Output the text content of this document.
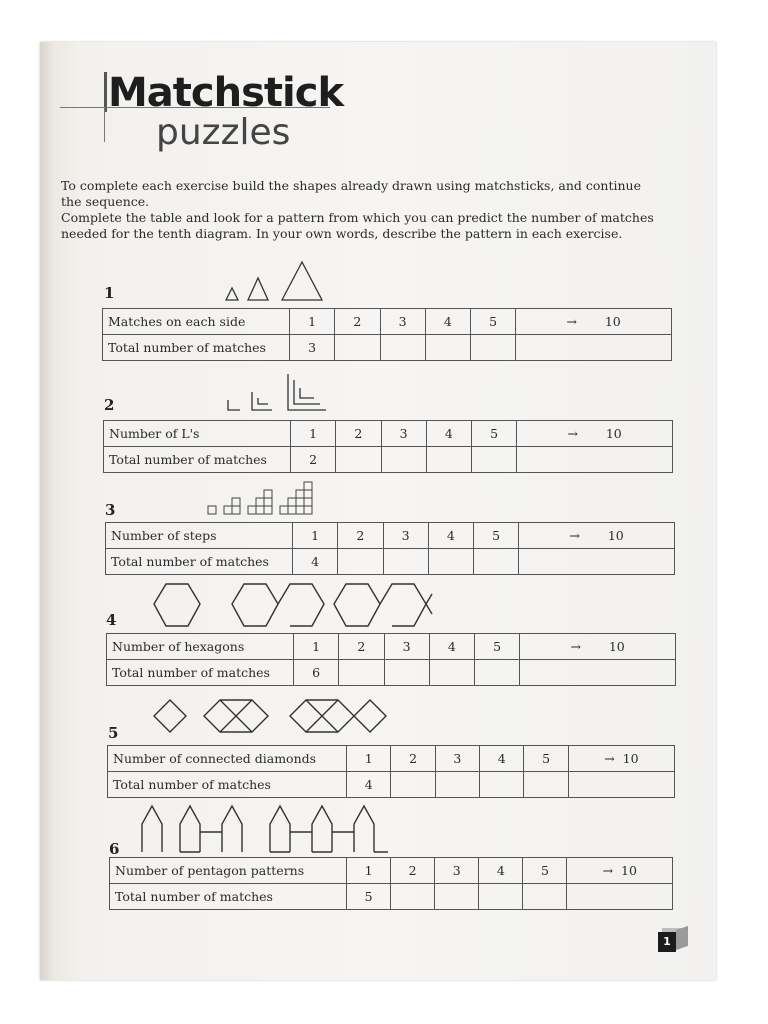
Matchstick
puzzles

To complete each exercise build the shapes already drawn using matchsticks, and continue the sequence.

Complete the table and look for a pattern from which you can predict the number of matches needed for the tenth diagram. In your own words, describe the pattern in each exercise.

1
Matches on each side	1	2	3	4	5	→ 10
Total number of matches	3					
2
Number of L's	1	2	3	4	5	→ 10
Total number of matches	2					
3
Number of steps	1	2	3	4	5	→ 10
Total number of matches	4					
4
Number of hexagons	1	2	3	4	5	→ 10
Total number of matches	6					
5
Number of connected diamonds	1	2	3	4	5	→ 10
Total number of matches	4					
6
Number of pentagon patterns	1	2	3	4	5	→ 10
Total number of matches	5					
1
